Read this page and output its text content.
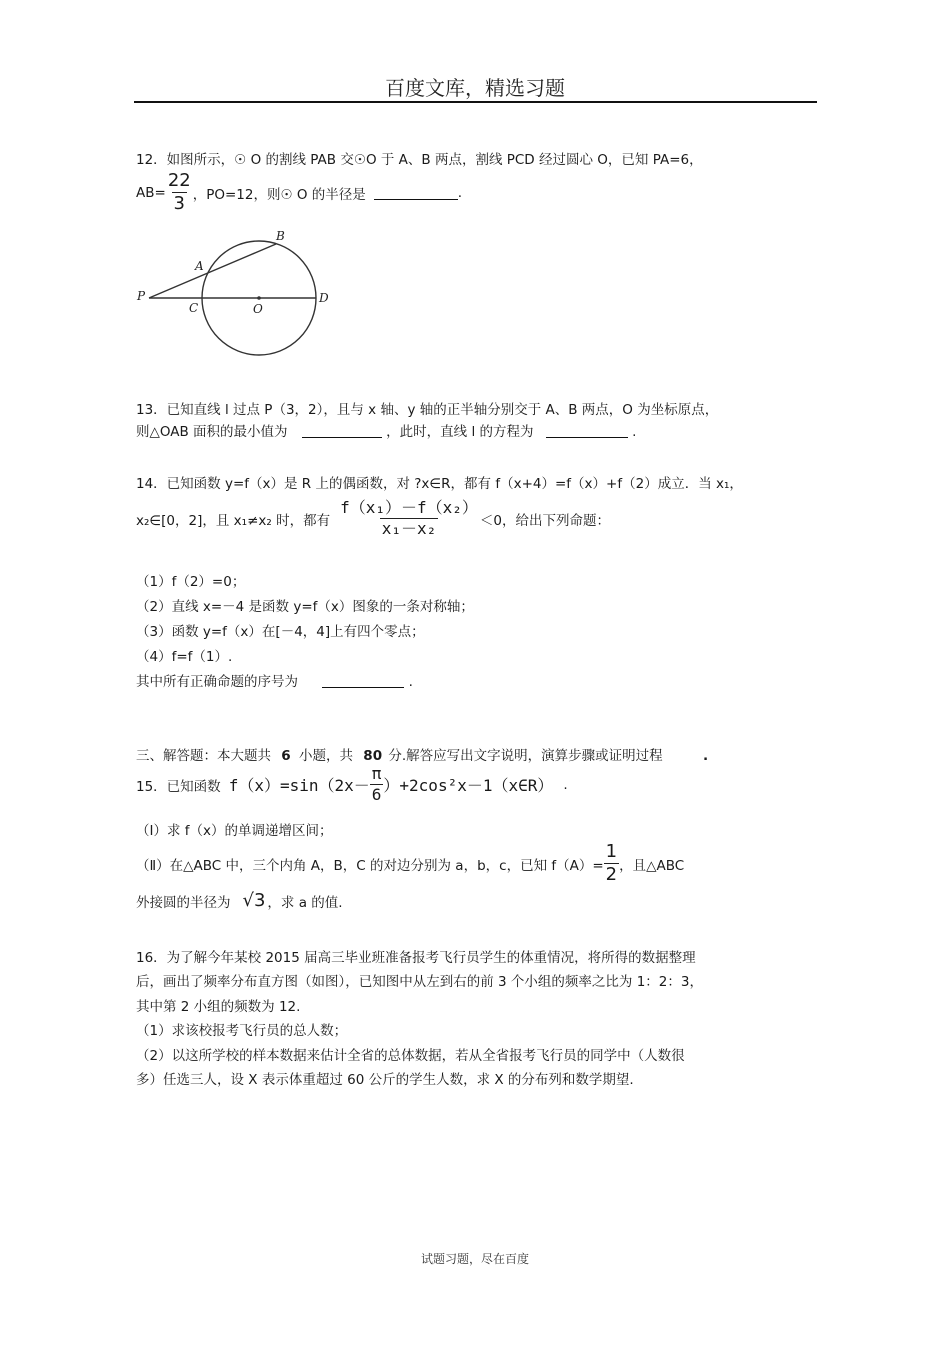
百度文库，精选习题
12．如图所示，☉ O 的割线 PAB 交☉O 于 A、B 两点，割线 PCD 经过圆心 O，已知 PA=6，
$AB= \frac{22}{3}$ ，PO=12，则☉ O 的半径是	.
B
A
P
C	O
D
13．已知直线 l 过点 P（3，2），且与 x 轴、y 轴的正半轴分别交于 A、B 两点，O 为坐标原点，
则△OAB 面积的最小值为	，此时，直线 l 的方程为	.
14．已知函数 y=f（x）是 R 上的偶函数，对 ?x∈R，都有 f（x+4）=f（x）+f（2）成立．当 x₁，
x₂∈[0，2]，且 x₁≠x₂ 时，都有 $\frac{\text{f（x₁）－f（x₂）}}{\text{x₁－x₂}} <0$，给出下列命题：
（1）f（2）=0；
（2）直线 x=－4 是函数 y=f（x）图象的一条对称轴；
（3）函数 y=f（x）在[－4，4]上有四个零点；
（4）f=f（1）.
其中所有正确命题的序号为	.
三、解答题：本大题共 6 小题，共 80 分.解答应写出文字说明，演算步骤或证明过程	.
15．已知函数 $f(x)=\sin(2x- \frac{\pi}{6}$ ）+2cos²x－1（x∈R） .
（Ⅰ）求 f（x）的单调递增区间；
（Ⅱ）在△ABC 中，三个内角 A，B，C 的对边分别为 a，b，c，已知 $f(A)= \frac{1}{2}$ ，且△ABC
外接圆的半径为 √3 ，求 a 的值.
16．为了解今年某校 2015 届高三毕业班准备报考飞行员学生的体重情况，将所得的数据整理
后，画出了频率分布直方图（如图），已知图中从左到右的前 3 个小组的频率之比为 1：2：3，
其中第 2 小组的频数为 12.
（1）求该校报考飞行员的总人数；
（2）以这所学校的样本数据来估计全省的总体数据，若从全省报考飞行员的同学中（人数很
多）任选三人，设 X 表示体重超过 60 公斤的学生人数，求 X 的分布列和数学期望.
试题习题，尽在百度
